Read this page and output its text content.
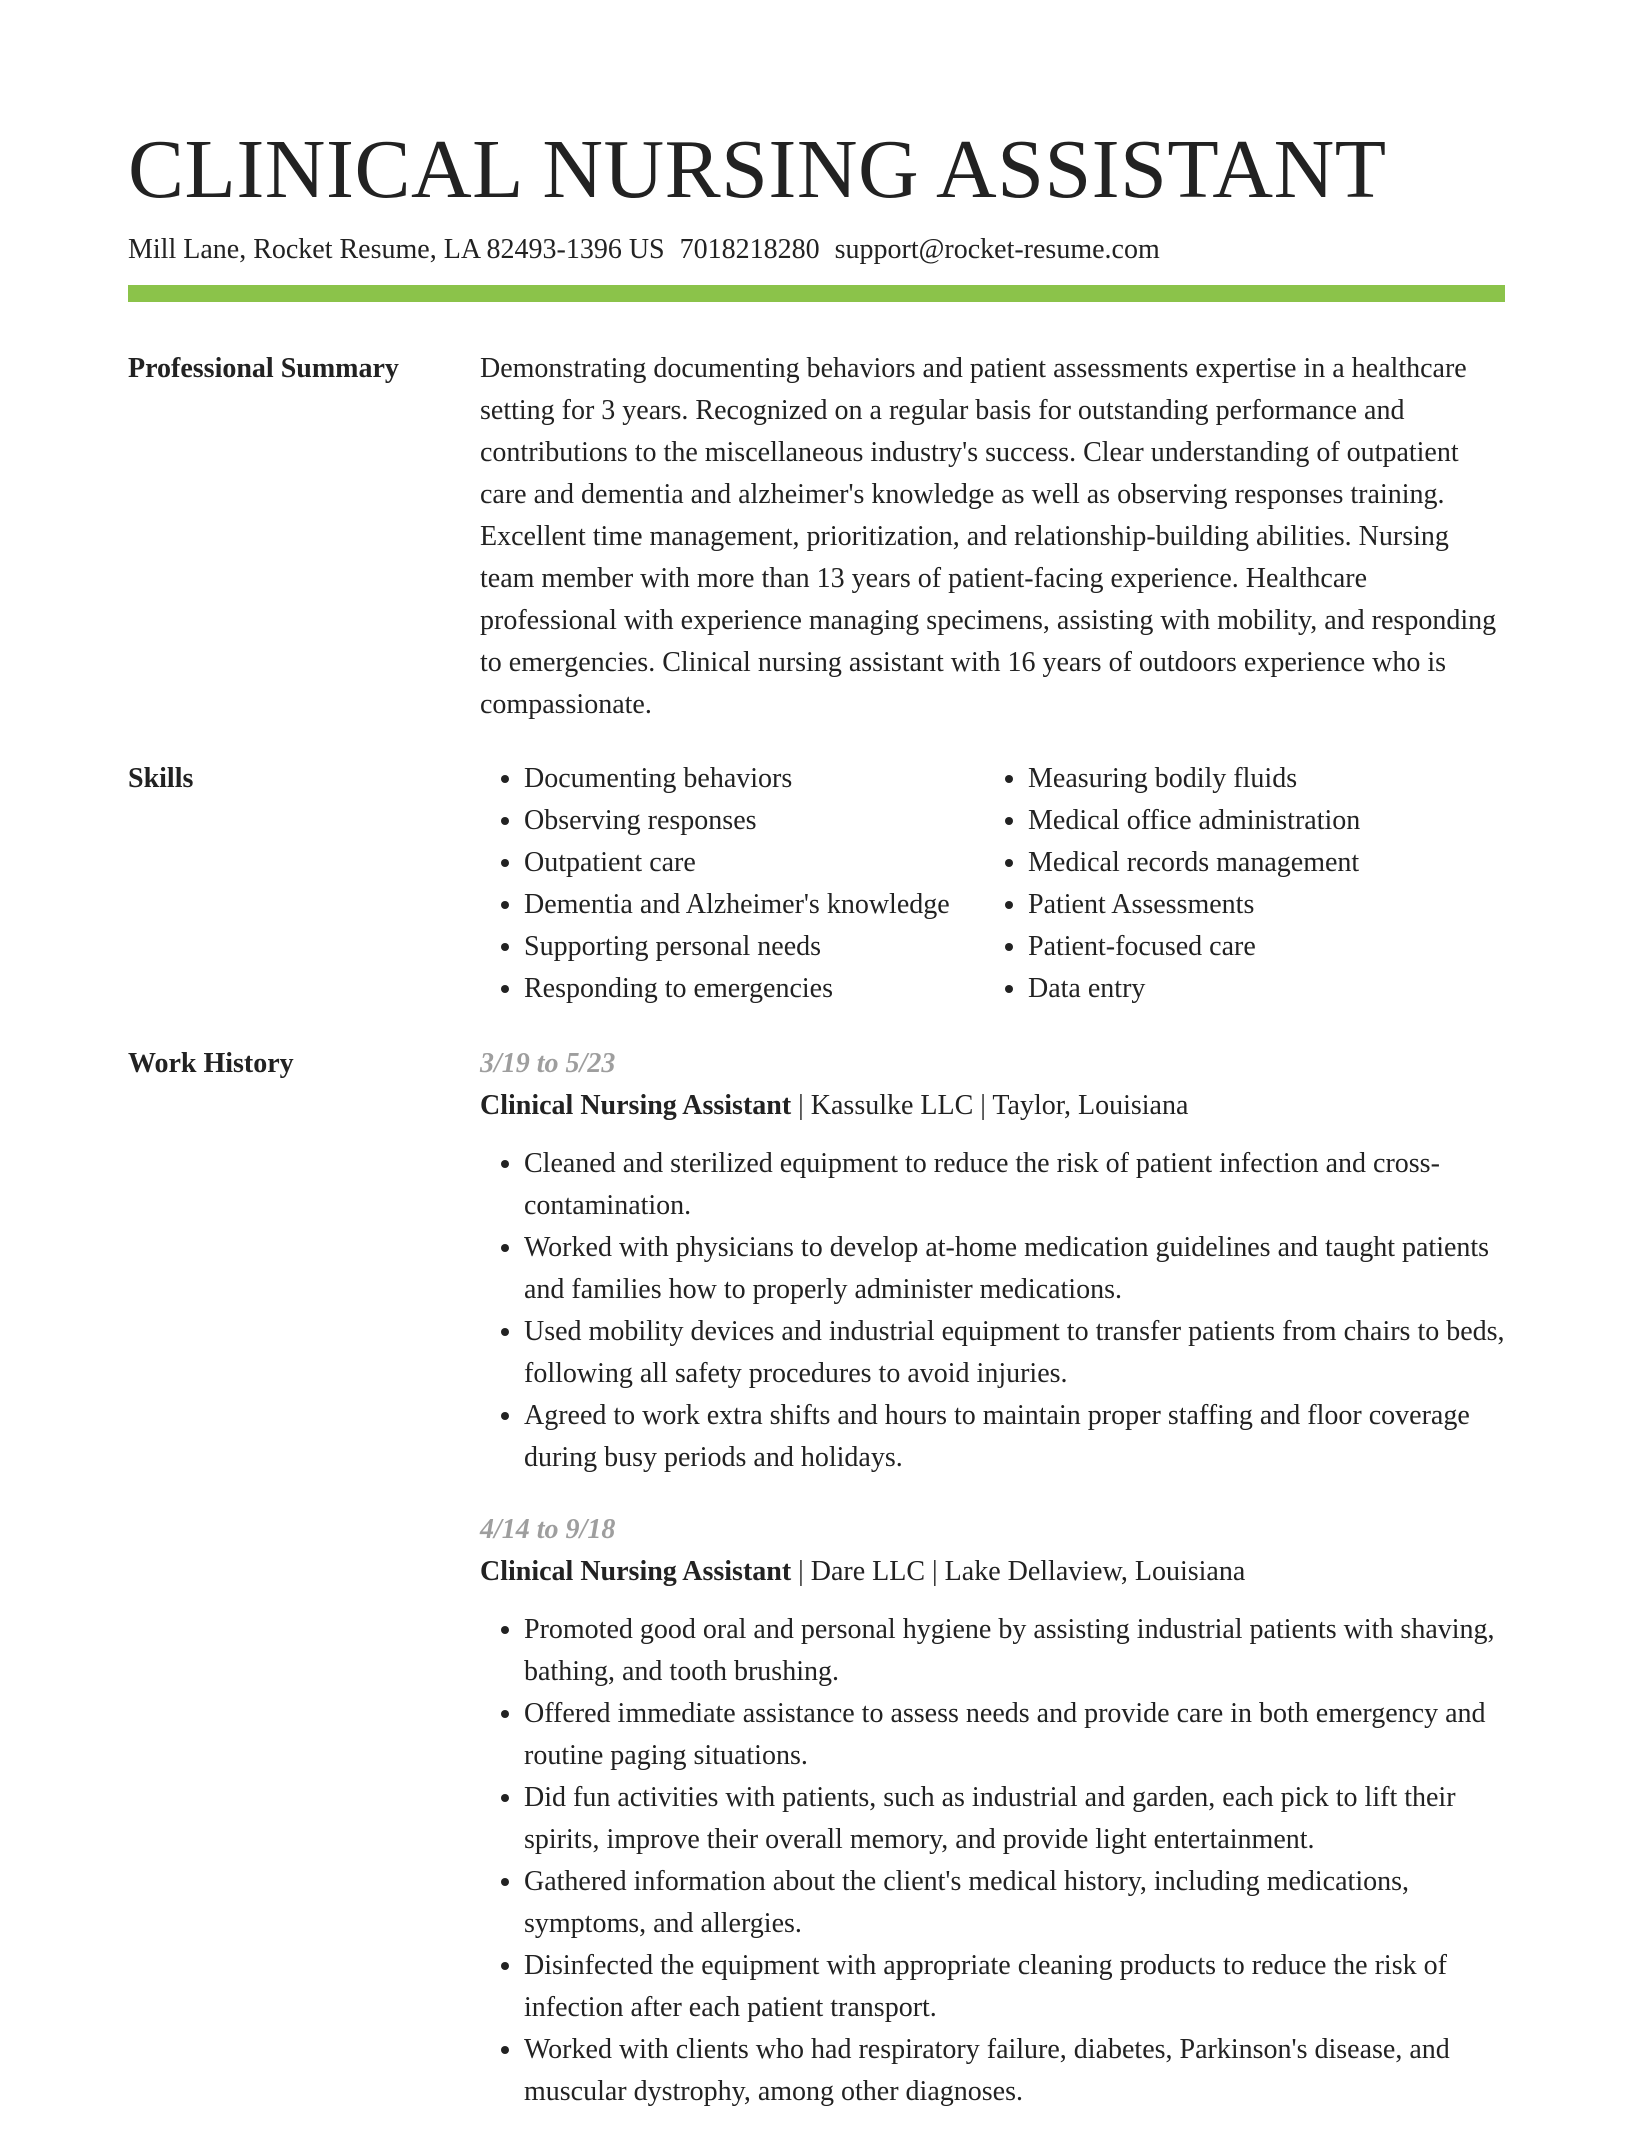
CLINICAL NURSING ASSISTANT
Mill Lane, Rocket Resume, LA 82493-1396 US 7018218280 support@rocket-resume.com
Professional Summary	Demonstrating documenting behaviors and patient assessments expertise in a healthcare setting for 3 years. Recognized on a regular basis for outstanding performance and contributions to the miscellaneous industry's success. Clear understanding of outpatient care and dementia and alzheimer's knowledge as well as observing responses training. Excellent time management, prioritization, and relationship-building abilities. Nursing team member with more than 13 years of patient-facing experience. Healthcare professional with experience managing specimens, assisting with mobility, and responding to emergencies. Clinical nursing assistant with 16 years of outdoors experience who is compassionate.

Skills
•	Documenting behaviors
• Observing responses
• Outpatient care
• Dementia and Alzheimer's knowledge
• Supporting personal needs
• Responding to emergencies
• Measuring bodily fluids
• Medical office administration
• Medical records management
• Patient Assessments
• Patient-focused care
• Data entry
Work History	3/19 to 5/23
Clinical Nursing Assistant | Kassulke LLC | Taylor, Louisiana
• Cleaned and sterilized equipment to reduce the risk of patient infection and cross-contamination.
• Worked with physicians to develop at-home medication guidelines and taught patients and families how to properly administer medications.
• Used mobility devices and industrial equipment to transfer patients from chairs to beds, following all safety procedures to avoid injuries.
• Agreed to work extra shifts and hours to maintain proper staffing and floor coverage during busy periods and holidays.
4/14 to 9/18
Clinical Nursing Assistant | Dare LLC | Lake Dellaview, Louisiana
• Promoted good oral and personal hygiene by assisting industrial patients with shaving, bathing, and tooth brushing.
• Offered immediate assistance to assess needs and provide care in both emergency and routine paging situations.
• Did fun activities with patients, such as industrial and garden, each pick to lift their spirits, improve their overall memory, and provide light entertainment.
• Gathered information about the client's medical history, including medications, symptoms, and allergies.
• Disinfected the equipment with appropriate cleaning products to reduce the risk of infection after each patient transport.
• Worked with clients who had respiratory failure, diabetes, Parkinson's disease, and muscular dystrophy, among other diagnoses.
